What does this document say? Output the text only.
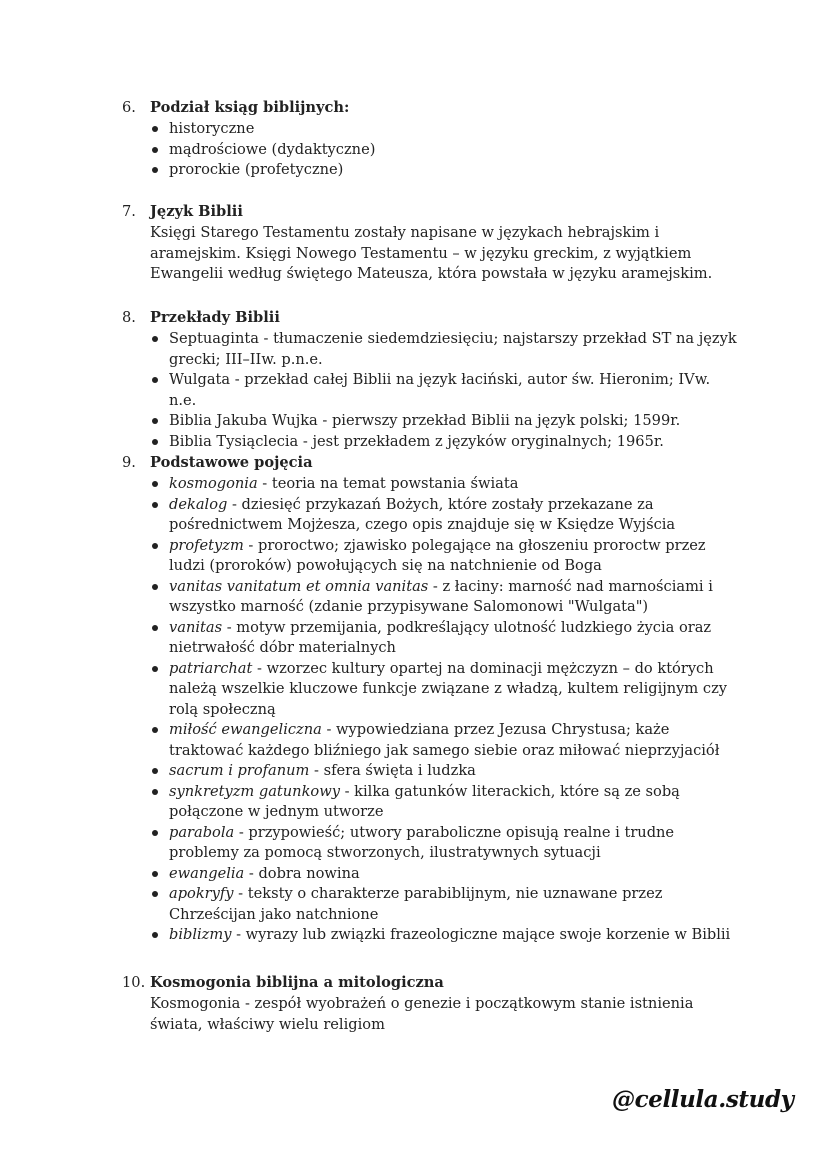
6. Podział ksiąg biblijnych:
historyczne
mądrościowe (dydaktyczne)
prorockie (profetyczne)
7. Język Biblii
Księgi Starego Testamentu zostały napisane w językach hebrajskim i aramejskim. Księgi Nowego Testamentu – w języku greckim, z wyjątkiem Ewangelii według świętego Mateusza, która powstała w języku aramejskim.
8. Przekłady Biblii
Septuaginta - tłumaczenie siedemdziesięciu; najstarszy przekład ST na język grecki; III–IIw. p.n.e.
Wulgata - przekład całej Biblii na język łaciński, autor św. Hieronim; IVw. n.e.
Biblia Jakuba Wujka - pierwszy przekład Biblii na język polski; 1599r.
Biblia Tysiąclecia - jest przekładem z języków oryginalnych; 1965r.
9. Podstawowe pojęcia
kosmogonia - teoria na temat powstania świata
dekalog - dziesięć przykazań Bożych, które zostały przekazane za pośrednictwem Mojżesza, czego opis znajduje się w Księdze Wyjścia
profetyzm - proroctwo; zjawisko polegające na głoszeniu proroctw przez ludzi (proroków) powołujących się na natchnienie od Boga
vanitas vanitatum et omnia vanitas - z łaciny: marność nad marnościami i wszystko marność (zdanie przypisywane Salomonowi "Wulgata")
vanitas - motyw przemijania, podkreślający ulotność ludzkiego życia oraz nietrwałość dóbr materialnych
patriarchat - wzorzec kultury opartej na dominacji mężczyzn – do których należą wszelkie kluczowe funkcje związane z władzą, kultem religijnym czy rolą społeczną
miłość ewangeliczna - wypowiedziana przez Jezusa Chrystusa; każe traktować każdego bliźniego jak samego siebie oraz miłować nieprzyjaciół
sacrum i profanum - sfera święta i ludzka
synkretyzm gatunkowy - kilka gatunków literackich, które są ze sobą połączone w jednym utworze
parabola - przypowieść; utwory paraboliczne opisują realne i trudne problemy za pomocą stworzonych, ilustratywnych sytuacji
ewangelia - dobra nowina
apokryfy - teksty o charakterze parabiblijnym, nie uznawane przez Chrześcijan jako natchnione
biblizmy - wyrazy lub związki frazeologiczne mające swoje korzenie w Biblii
10. Kosmogonia biblijna a mitologiczna
Kosmogonia - zespół wyobrażeń o genezie i początkowym stanie istnienia świata, właściwy wielu religiom
@cellula.study
